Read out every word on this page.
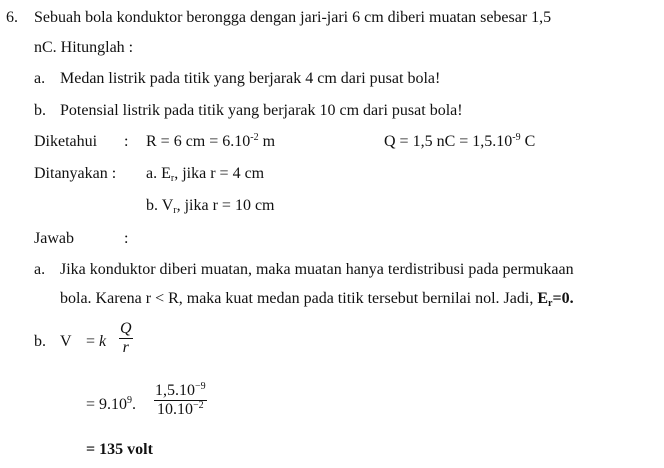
6. Sebuah bola konduktor berongga dengan jari-jari 6 cm diberi muatan sebesar 1,5
nC. Hitunglah :
a. Medan listrik pada titik yang berjarak 4 cm dari pusat bola!
b. Potensial listrik pada titik yang berjarak 10 cm dari pusat bola!
Diketahui : R = 6 cm = $6.10^{-2}$ m	Q = 1,5 nC = $1,5.10^{-9}$ C
Ditanyakan : a. $E_r$, jika r = 4 cm
b. $V_r$, jika r = 10 cm
Jawab	:
a. Jika konduktor diberi muatan, maka muatan hanya terdistribusi pada permukaan
bola. Karena r < R, maka kuat medan pada titik tersebut bernilai nol. Jadi, $E_r=0$.
b. V = k
Q
r
= $9.10^9$.
$1,5.10^{-9}$
$10.10^{-2}$
= 135 volt
